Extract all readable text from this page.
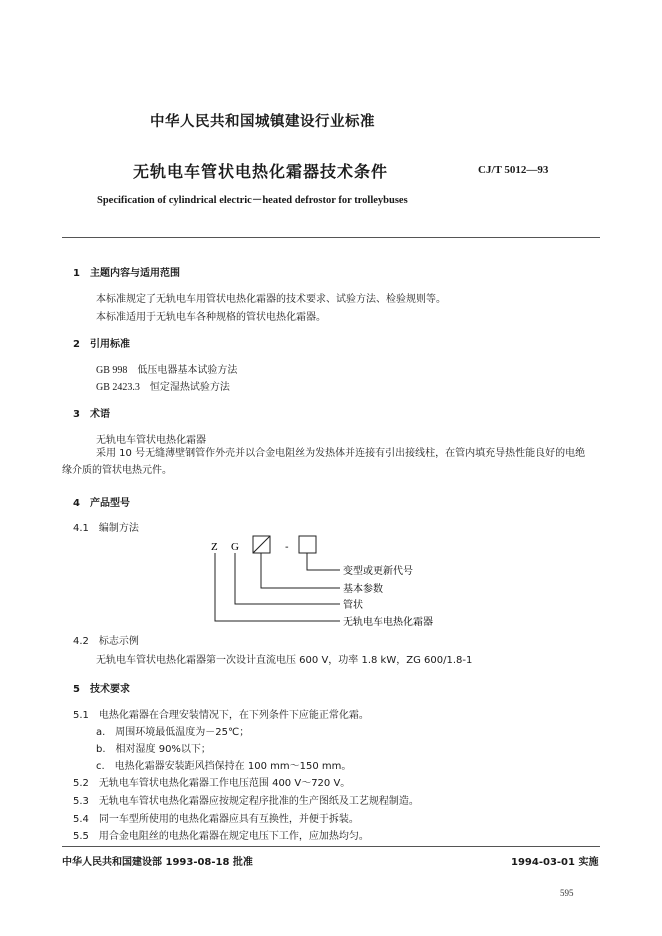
中华人民共和国城镇建设行业标准
无轨电车管状电热化霜器技术条件	CJ/T 5012—93
Specification of cylindrical electric－heated defrostor for trolleybuses
1　主题内容与适用范围
本标准规定了无轨电车用管状电热化霜器的技术要求、试验方法、检验规则等。
本标准适用于无轨电车各种规格的管状电热化霜器。
2　引用标准
GB 998　低压电器基本试验方法
GB 2423.3　恒定湿热试验方法
3　术语
无轨电车管状电热化霜器
采用 10 号无缝薄壁钢管作外壳并以合金电阻丝为发热体并连接有引出接线柱，在管内填充导热性能良好的电绝缘介质的管状电热元件。
4　产品型号
4.1　编制方法
Z G	-
变型或更新代号
基本参数
管状
无轨电车电热化霜器
4.2　标志示例
无轨电车管状电热化霜器第一次设计直流电压 600 V，功率 1.8 kW，ZG 600/1.8-1
5　技术要求
5.1　电热化霜器在合理安装情况下，在下列条件下应能正常化霜。
a.　周围环境最低温度为－25℃；
b.　相对湿度 90%以下；
c.　电热化霜器安装距风挡保持在 100 mm～150 mm。
5.2　无轨电车管状电热化霜器工作电压范围 400 V～720 V。
5.3　无轨电车管状电热化霜器应按规定程序批准的生产图纸及工艺规程制造。
5.4　同一车型所使用的电热化霜器应具有互换性，并便于拆装。
5.5　用合金电阻丝的电热化霜器在规定电压下工作，应加热均匀。
中华人民共和国建设部 1993-08-18 批准	1994-03-01 实施
595
